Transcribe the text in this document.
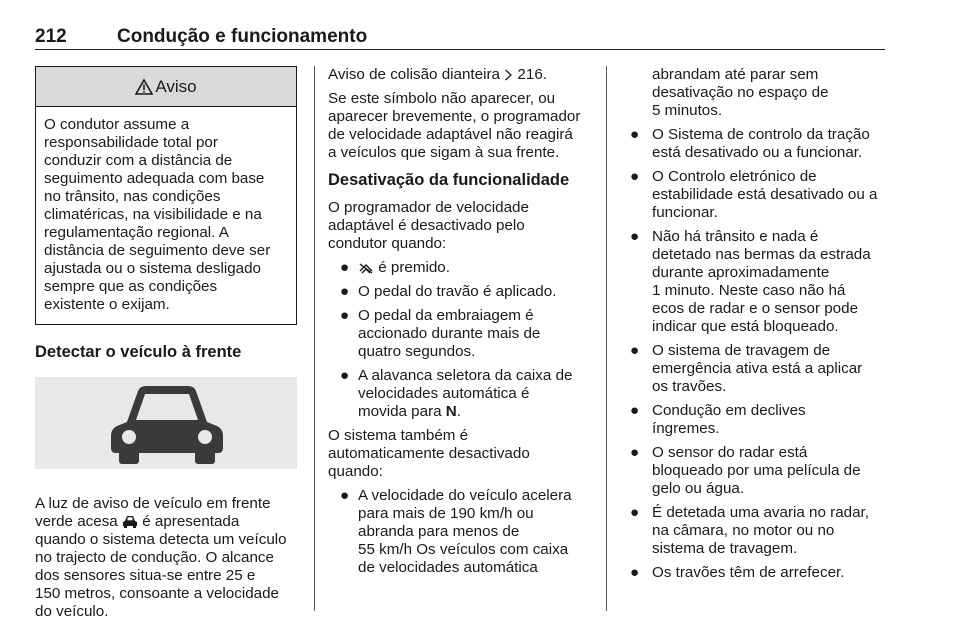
212	Condução e funcionamento
Aviso
O condutor assume a
responsabilidade total por
conduzir com a distância de
seguimento adequada com base
no trânsito, nas condições
climatéricas, na visibilidade e na
regulamentação regional. A
distância de seguimento deve ser
ajustada ou o sistema desligado
sempre que as condições
existente o exijam.
Detectar o veículo à frente
A luz de aviso de veículo em frente
verde acesa é apresentada
quando o sistema detecta um veículo
no trajecto de condução. O alcance
dos sensores situa-se entre 25 e
150 metros, consoante a velocidade
do veículo.

Aviso de colisão dianteira 216.

Se este símbolo não aparecer, ou
aparecer brevemente, o programador
de velocidade adaptável não reagirá
a veículos que sigam à sua frente.

Desativação da funcionalidade

O programador de velocidade
adaptável é desactivado pelo
condutor quando:

●	é premido.
● O pedal do travão é aplicado.
● O pedal da embraiagem é
accionado durante mais de
quatro segundos.
● A alavanca seletora da caixa de
velocidades automática é
movida para N.

O sistema também é
automaticamente desactivado
quando:

● A velocidade do veículo acelera
para mais de 190 km/h ou
abranda para menos de
55 km/h Os veículos com caixa
de velocidades automática
abrandam até parar sem
desativação no espaço de
5 minutos.
● O Sistema de controlo da tração
está desativado ou a funcionar.
● O Controlo eletrónico de
estabilidade está desativado ou a
funcionar.
● Não há trânsito e nada é
detetado nas bermas da estrada
durante aproximadamente
1 minuto. Neste caso não há
ecos de radar e o sensor pode
indicar que está bloqueado.
● O sistema de travagem de
emergência ativa está a aplicar
os travões.
● Condução em declives
íngremes.
● O sensor do radar está
bloqueado por uma película de
gelo ou água.
● É detetada uma avaria no radar,
na câmara, no motor ou no
sistema de travagem.
● Os travões têm de arrefecer.
